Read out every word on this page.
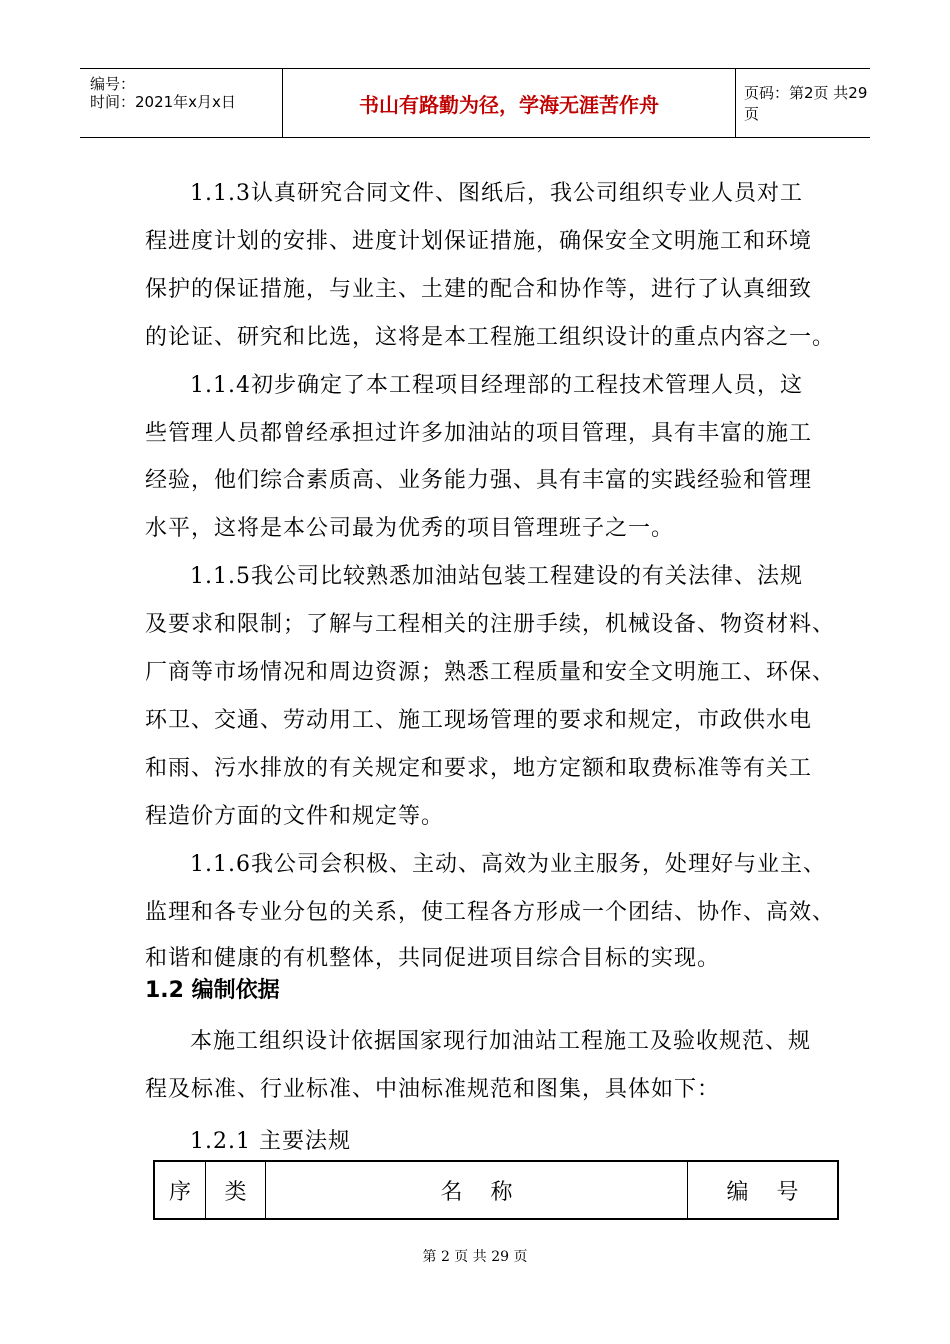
编号：
时间：2021年x月x日	书山有路勤为径，学海无涯苦作舟	页码：第2页 共29页
1.1.3认真研究合同文件、图纸后，我公司组织专业人员对工
程进度计划的安排、进度计划保证措施，确保安全文明施工和环境
保护的保证措施，与业主、土建的配合和协作等，进行了认真细致
的论证、研究和比选，这将是本工程施工组织设计的重点内容之一。
1.1.4初步确定了本工程项目经理部的工程技术管理人员，这
些管理人员都曾经承担过许多加油站的项目管理，具有丰富的施工
经验，他们综合素质高、业务能力强、具有丰富的实践经验和管理
水平，这将是本公司最为优秀的项目管理班子之一。
1.1.5我公司比较熟悉加油站包装工程建设的有关法律、法规
及要求和限制；了解与工程相关的注册手续，机械设备、物资材料、
厂商等市场情况和周边资源；熟悉工程质量和安全文明施工、环保、
环卫、交通、劳动用工、施工现场管理的要求和规定，市政供水电
和雨、污水排放的有关规定和要求，地方定额和取费标准等有关工
程造价方面的文件和规定等。
1.1.6我公司会积极、主动、高效为业主服务，处理好与业主、
监理和各专业分包的关系，使工程各方形成一个团结、协作、高效、
和谐和健康的有机整体，共同促进项目综合目标的实现。
1.2 编制依据
本施工组织设计依据国家现行加油站工程施工及验收规范、规
程及标准、行业标准、中油标准规范和图集，具体如下：
1.2.1 主要法规
序	类	名    称	编    号
第 2 页 共 29 页
